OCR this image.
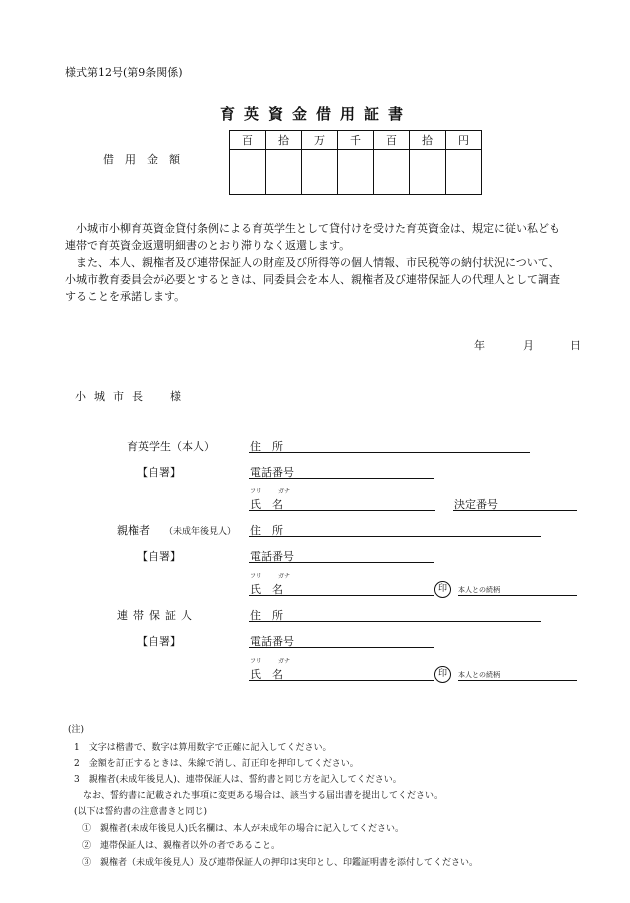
様式第12号(第9条関係)
育英資金借用証書
借用金額
百	拾	万	千	百	拾	円

小城市小柳育英資金貸付条例による育英学生として貸付けを受けた育英資金は、規定に従い私ども連帯で育英資金返還明細書のとおり滞りなく返還します。

また、本人、親権者及び連帯保証人の財産及び所得等の個人情報、市民税等の納付状況について、小城市教育委員会が必要とするときは、同委員会を本人、親権者及び連帯保証人の代理人として調査することを承諾します。

年	月	日
小城市長　様
育英学生（本人）	住　所
【自署】	電話番号
フリ	ガナ
氏　名	決定番号
親権者 （未成年後見人） 住　所
【自署】	電話番号
フリ	ガナ
氏　名	印	本人との続柄
連帯保証人	住　所
【自署】	電話番号
フリ	ガナ
氏　名	印	本人との続柄
(注)
1　文字は楷書で、数字は算用数字で正確に記入してください。
2　金額を訂正するときは、朱線で消し、訂正印を押印してください。
3　親権者(未成年後見人)、連帯保証人は、誓約書と同じ方を記入してください。
　なお、誓約書に記載された事項に変更ある場合は、該当する届出書を提出してください。
(以下は誓約書の注意書きと同じ)
①　親権者(未成年後見人)氏名欄は、本人が未成年の場合に記入してください。
②　連帯保証人は、親権者以外の者であること。
③　親権者（未成年後見人）及び連帯保証人の押印は実印とし、印鑑証明書を添付してください。
